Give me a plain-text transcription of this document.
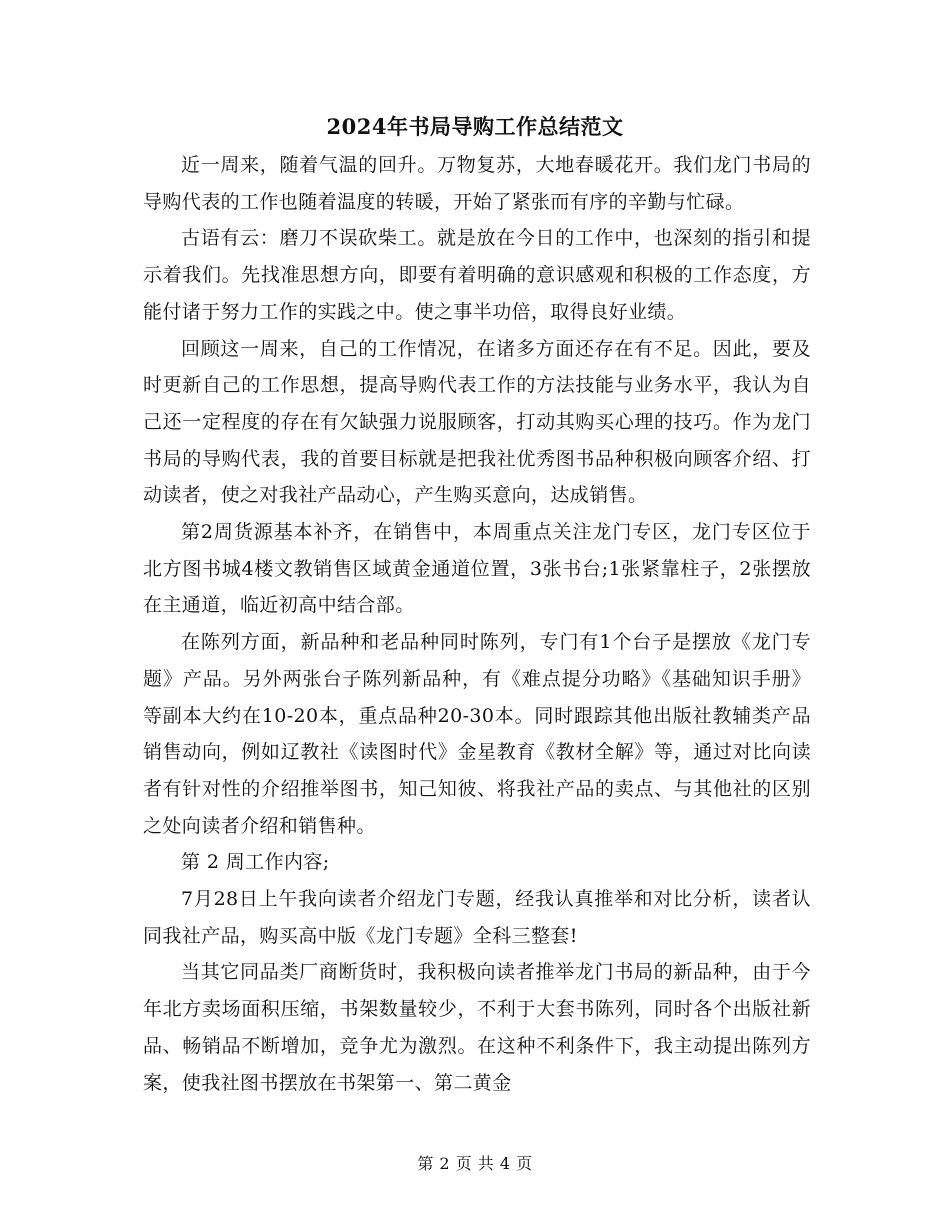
2024年书局导购工作总结范文

近一周来，随着气温的回升。万物复苏，大地春暖花开。我们龙门书局的导购代表的工作也随着温度的转暖，开始了紧张而有序的辛勤与忙碌。

古语有云：磨刀不误砍柴工。就是放在今日的工作中，也深刻的指引和提示着我们。先找准思想方向，即要有着明确的意识感观和积极的工作态度，方能付诸于努力工作的实践之中。使之事半功倍，取得良好业绩。

回顾这一周来，自己的工作情况，在诸多方面还存在有不足。因此，要及时更新自己的工作思想，提高导购代表工作的方法技能与业务水平，我认为自己还一定程度的存在有欠缺强力说服顾客，打动其购买心理的技巧。作为龙门书局的导购代表，我的首要目标就是把我社优秀图书品种积极向顾客介绍、打动读者，使之对我社产品动心，产生购买意向，达成销售。

第2周货源基本补齐，在销售中，本周重点关注龙门专区，龙门专区位于北方图书城4楼文教销售区域黄金通道位置，3张书台;1张紧靠柱子，2张摆放在主通道，临近初高中结合部。

在陈列方面，新品种和老品种同时陈列，专门有1个台子是摆放《龙门专题》产品。另外两张台子陈列新品种，有《难点提分功略》《基础知识手册》等副本大约在10-20本，重点品种20-30本。同时跟踪其他出版社教辅类产品销售动向，例如辽教社《读图时代》金星教育《教材全解》等，通过对比向读者有针对性的介绍推举图书，知己知彼、将我社产品的卖点、与其他社的区别之处向读者介绍和销售种。

第 2 周工作内容;

7月28日上午我向读者介绍龙门专题，经我认真推举和对比分析，读者认同我社产品，购买高中版《龙门专题》全科三整套!

当其它同品类厂商断货时，我积极向读者推举龙门书局的新品种，由于今年北方卖场面积压缩，书架数量较少，不利于大套书陈列，同时各个出版社新品、畅销品不断增加，竞争尤为激烈。在这种不利条件下，我主动提出陈列方案，使我社图书摆放在书架第一、第二黄金

第 2 页 共 4 页
